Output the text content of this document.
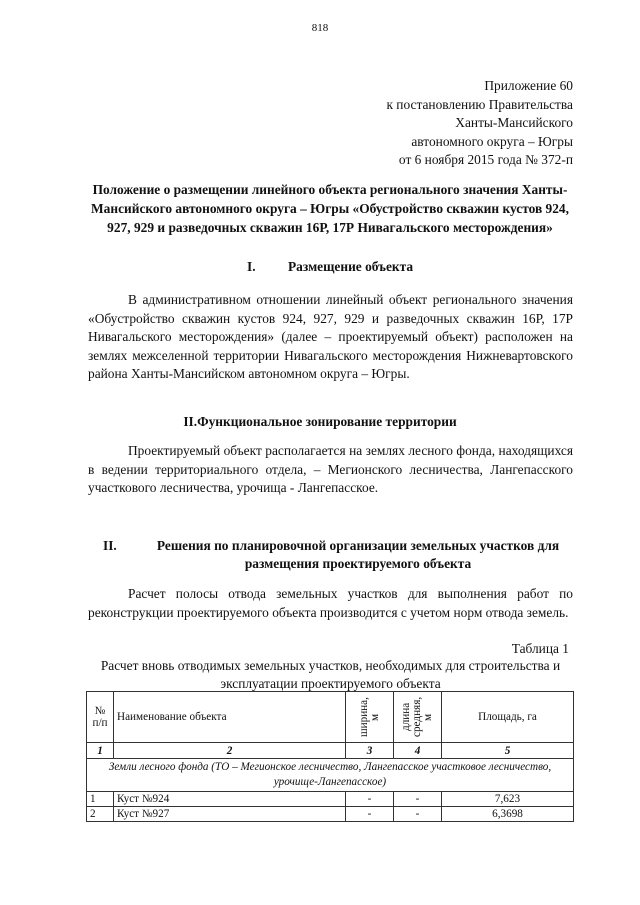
818
Приложение 60
к постановлению Правительства
Ханты-Мансийского
автономного округа – Югры
от 6 ноября 2015 года № 372-п
Положение о размещении линейного объекта регионального значения Ханты-Мансийского автономного округа – Югры «Обустройство скважин кустов 924, 927, 929 и разведочных скважин 16Р, 17Р Нивагальского месторождения»
I. Размещение объекта
В административном отношении линейный объект регионального значения «Обустройство скважин кустов 924, 927, 929 и разведочных скважин 16Р, 17Р Нивагальского месторождения» (далее – проектируемый объект) расположен на землях межселенной территории Нивагальского месторождения Нижневартовского района Ханты-Мансийском автономном округа – Югры.
II.Функциональное зонирование территории
Проектируемый объект располагается на землях лесного фонда, находящихся в ведении территориального отдела, – Мегионского лесничества, Лангепасского участкового лесничества, урочища - Лангепасское.
II.	Решения по планировочной организации земельных участков для размещения проектируемого объекта
Расчет полосы отвода земельных участков для выполнения работ по реконструкции проектируемого объекта производится с учетом норм отвода земель.
Таблица 1
Расчет вновь отводимых земельных участков, необходимых для строительства и эксплуатации проектируемого объекта
№ п/п	Наименование объекта	ширина, м	длина средняя, м	Площадь, га
1	2	3	4	5
Земли лесного фонда (ТО – Мегионское лесничество, Лангепасское участковое лесничество, урочище-Лангепасское)				
1	Куст №924	-	-	7,623
2	Куст №927	-	-	6,3698
